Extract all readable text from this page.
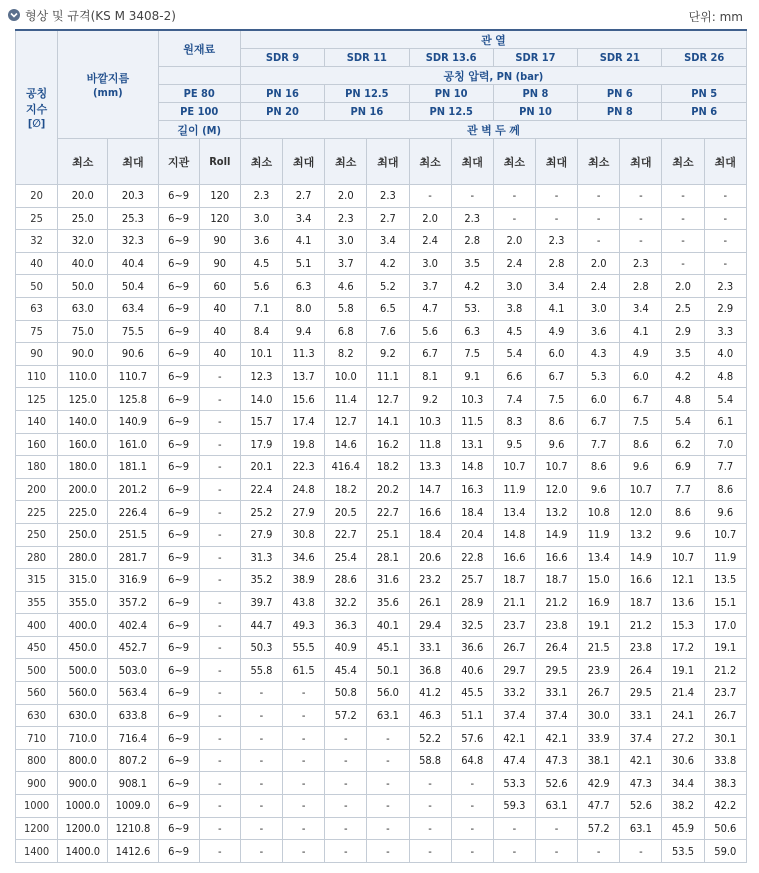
형상 및 규격(KS M 3408-2)	단위: mm
공칭
지수
[∅]	바깥지름
(mm)		원재료		관 열											
					SDR 9		SDR 11		SDR 13.6		SDR 17		SDR 21		SDR 26	
					공칭 압력, PN (bar)											
			PE 80		PN 16		PN 12.5		PN 10		PN 8		PN 6		PN 5	
			PE 100		PN 20		PN 16		PN 12.5		PN 10		PN 8		PN 6	
			길이 (M)		관 벽 두 께											
	최소	최대	지관	Roll	최소	최대	최소	최대	최소	최대	최소	최대	최소	최대	최소	최대
20	20.0	20.3	6~9	120	2.3	2.7	2.0	2.3	-	-	-	-	-	-	-	-
25	25.0	25.3	6~9	120	3.0	3.4	2.3	2.7	2.0	2.3	-	-	-	-	-	-
32	32.0	32.3	6~9	90	3.6	4.1	3.0	3.4	2.4	2.8	2.0	2.3	-	-	-	-
40	40.0	40.4	6~9	90	4.5	5.1	3.7	4.2	3.0	3.5	2.4	2.8	2.0	2.3	-	-
50	50.0	50.4	6~9	60	5.6	6.3	4.6	5.2	3.7	4.2	3.0	3.4	2.4	2.8	2.0	2.3
63	63.0	63.4	6~9	40	7.1	8.0	5.8	6.5	4.7	53.	3.8	4.1	3.0	3.4	2.5	2.9
75	75.0	75.5	6~9	40	8.4	9.4	6.8	7.6	5.6	6.3	4.5	4.9	3.6	4.1	2.9	3.3
90	90.0	90.6	6~9	40	10.1	11.3	8.2	9.2	6.7	7.5	5.4	6.0	4.3	4.9	3.5	4.0
110	110.0	110.7	6~9	-	12.3	13.7	10.0	11.1	8.1	9.1	6.6	6.7	5.3	6.0	4.2	4.8
125	125.0	125.8	6~9	-	14.0	15.6	11.4	12.7	9.2	10.3	7.4	7.5	6.0	6.7	4.8	5.4
140	140.0	140.9	6~9	-	15.7	17.4	12.7	14.1	10.3	11.5	8.3	8.6	6.7	7.5	5.4	6.1
160	160.0	161.0	6~9	-	17.9	19.8	14.6	16.2	11.8	13.1	9.5	9.6	7.7	8.6	6.2	7.0
180	180.0	181.1	6~9	-	20.1	22.3	416.4	18.2	13.3	14.8	10.7	10.7	8.6	9.6	6.9	7.7
200	200.0	201.2	6~9	-	22.4	24.8	18.2	20.2	14.7	16.3	11.9	12.0	9.6	10.7	7.7	8.6
225	225.0	226.4	6~9	-	25.2	27.9	20.5	22.7	16.6	18.4	13.4	13.2	10.8	12.0	8.6	9.6
250	250.0	251.5	6~9	-	27.9	30.8	22.7	25.1	18.4	20.4	14.8	14.9	11.9	13.2	9.6	10.7
280	280.0	281.7	6~9	-	31.3	34.6	25.4	28.1	20.6	22.8	16.6	16.6	13.4	14.9	10.7	11.9
315	315.0	316.9	6~9	-	35.2	38.9	28.6	31.6	23.2	25.7	18.7	18.7	15.0	16.6	12.1	13.5
355	355.0	357.2	6~9	-	39.7	43.8	32.2	35.6	26.1	28.9	21.1	21.2	16.9	18.7	13.6	15.1
400	400.0	402.4	6~9	-	44.7	49.3	36.3	40.1	29.4	32.5	23.7	23.8	19.1	21.2	15.3	17.0
450	450.0	452.7	6~9	-	50.3	55.5	40.9	45.1	33.1	36.6	26.7	26.4	21.5	23.8	17.2	19.1
500	500.0	503.0	6~9	-	55.8	61.5	45.4	50.1	36.8	40.6	29.7	29.5	23.9	26.4	19.1	21.2
560	560.0	563.4	6~9	-	-	-	50.8	56.0	41.2	45.5	33.2	33.1	26.7	29.5	21.4	23.7
630	630.0	633.8	6~9	-	-	-	57.2	63.1	46.3	51.1	37.4	37.4	30.0	33.1	24.1	26.7
710	710.0	716.4	6~9	-	-	-	-	-	52.2	57.6	42.1	42.1	33.9	37.4	27.2	30.1
800	800.0	807.2	6~9	-	-	-	-	-	58.8	64.8	47.4	47.3	38.1	42.1	30.6	33.8
900	900.0	908.1	6~9	-	-	-	-	-	-	-	53.3	52.6	42.9	47.3	34.4	38.3
1000	1000.0	1009.0	6~9	-	-	-	-	-	-	-	59.3	63.1	47.7	52.6	38.2	42.2
1200	1200.0	1210.8	6~9	-	-	-	-	-	-	-	-	-	57.2	63.1	45.9	50.6
1400	1400.0	1412.6	6~9	-	-	-	-	-	-	-	-	-	-	-	53.5	59.0
